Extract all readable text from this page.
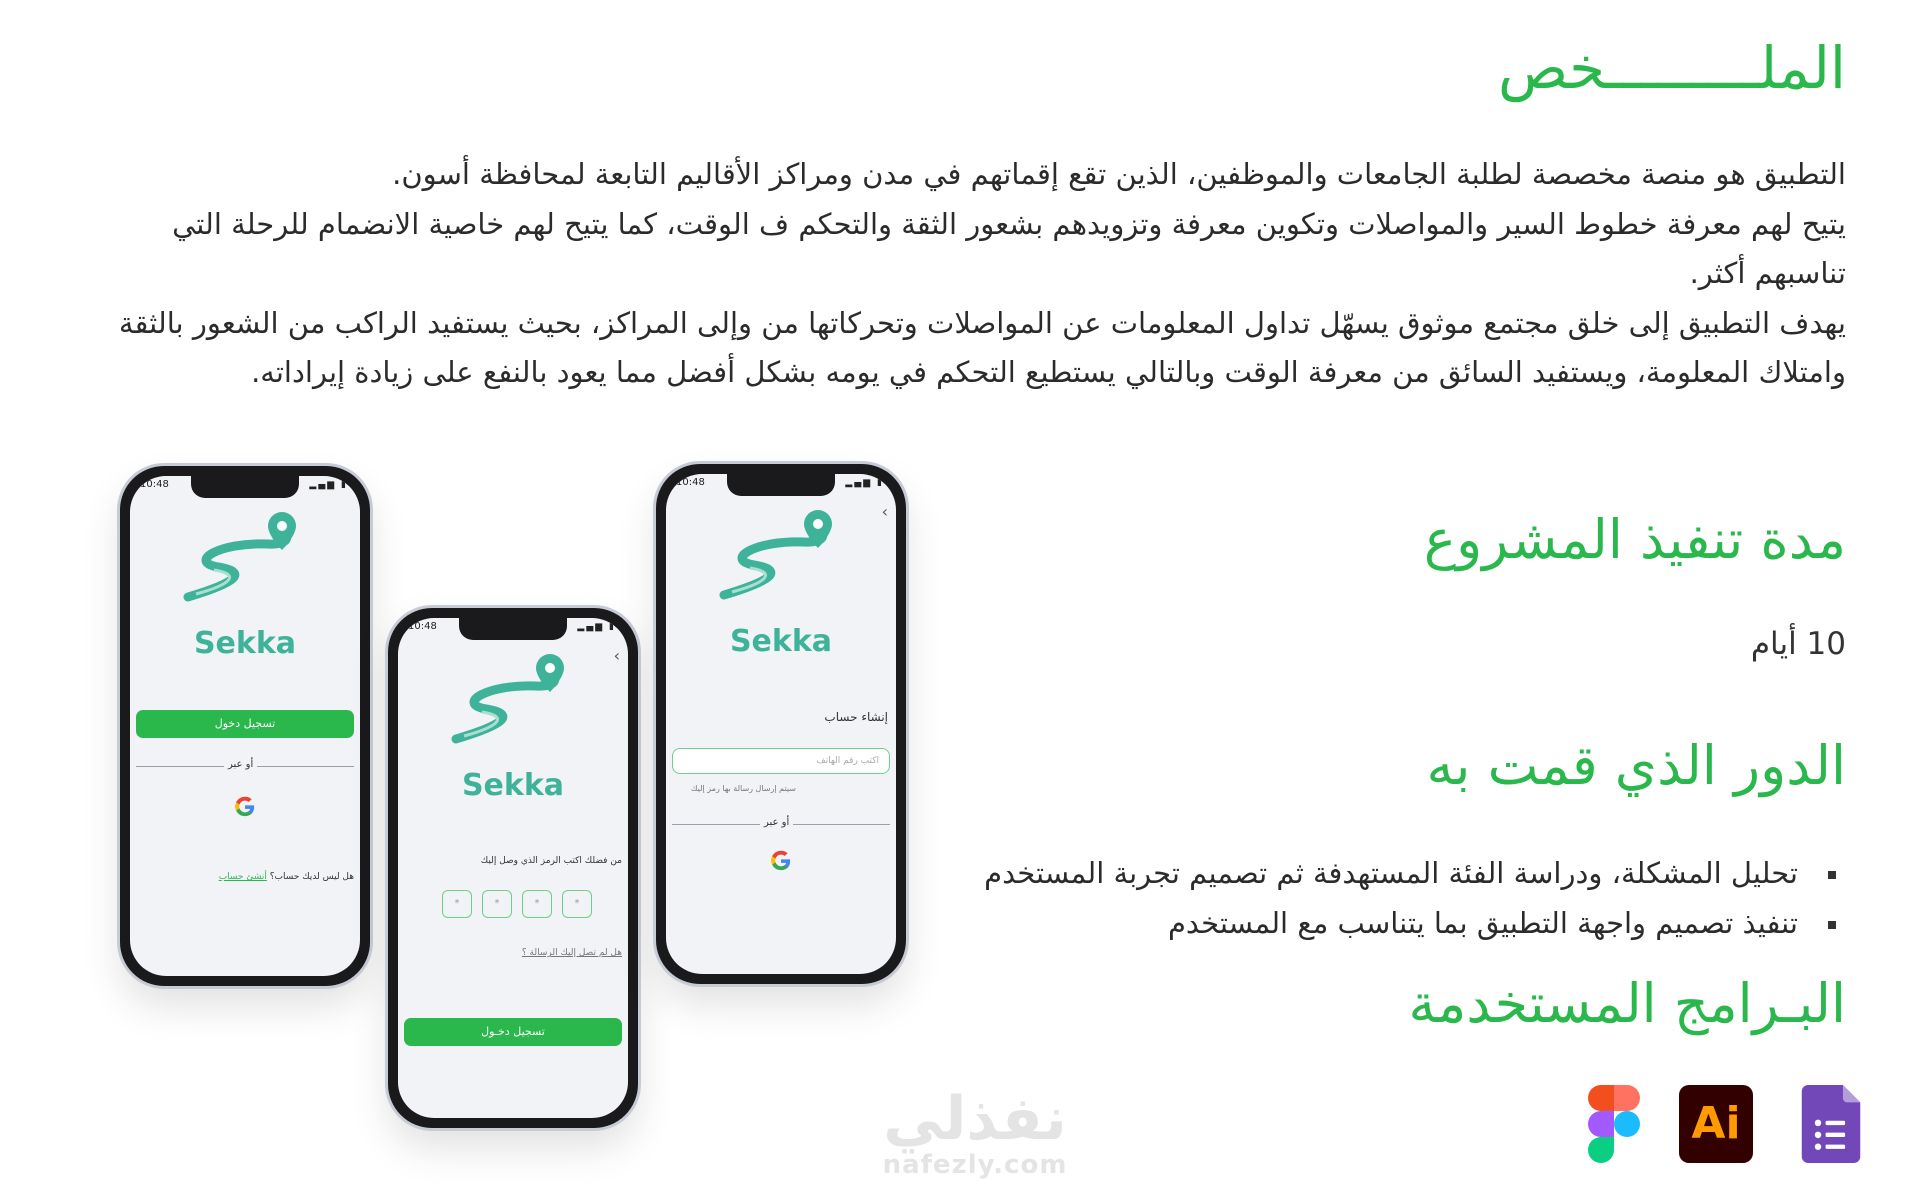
الملـــــــــخص

التطبيق هو منصة مخصصة لطلبة الجامعات والموظفين، الذين تقع إقماتهم في مدن ومراكز الأقاليم التابعة لمحافظة أسون.

يتيح لهم معرفة خطوط السير والمواصلات وتكوين معرفة وتزويدهم بشعور الثقة والتحكم ف الوقت، كما يتيح لهم خاصية الانضمام للرحلة التي تناسبهم أكثر.

يهدف التطبيق إلى خلق مجتمع موثوق يسهّل تداول المعلومات عن المواصلات وتحركاتها من وإلى المراكز، بحيث يستفيد الراكب من الشعور بالثقة وامتلاك المعلومة، ويستفيد السائق من معرفة الوقت وبالتالي يستطيع التحكم في يومه بشكل أفضل مما يعود بالنفع على زيادة إيراداته.

مدة تنفيذ المشروع
10 أيام
الدور الذي قمت به
تحليل المشكلة، ودراسة الفئة المستهدفة ثم تصميم تجربة المستخدم
تنفيذ تصميم واجهة التطبيق بما يتناسب مع المستخدم
البـرامج المستخدمة
Ai
10:48	▂▄▆ ▮
Sekka
تسجيل دخول
أو عبر
هل ليس لديك حساب؟ أنشئ حساب
10:48	▂▄▆ ▮
‹
Sekka
من فضلك اكتب الرمز الذي وصل إليك
*	*	*	*
هل لم تصل إليك الرسالة ؟
تسجيل دخـول
10:48	▂▄▆ ▮
‹
Sekka
إنشاء حساب
اكتب رقم الهاتف
سيتم إرسال رسالة بها رمز إليك
أو عبر
نفذلي
nafezly.com
